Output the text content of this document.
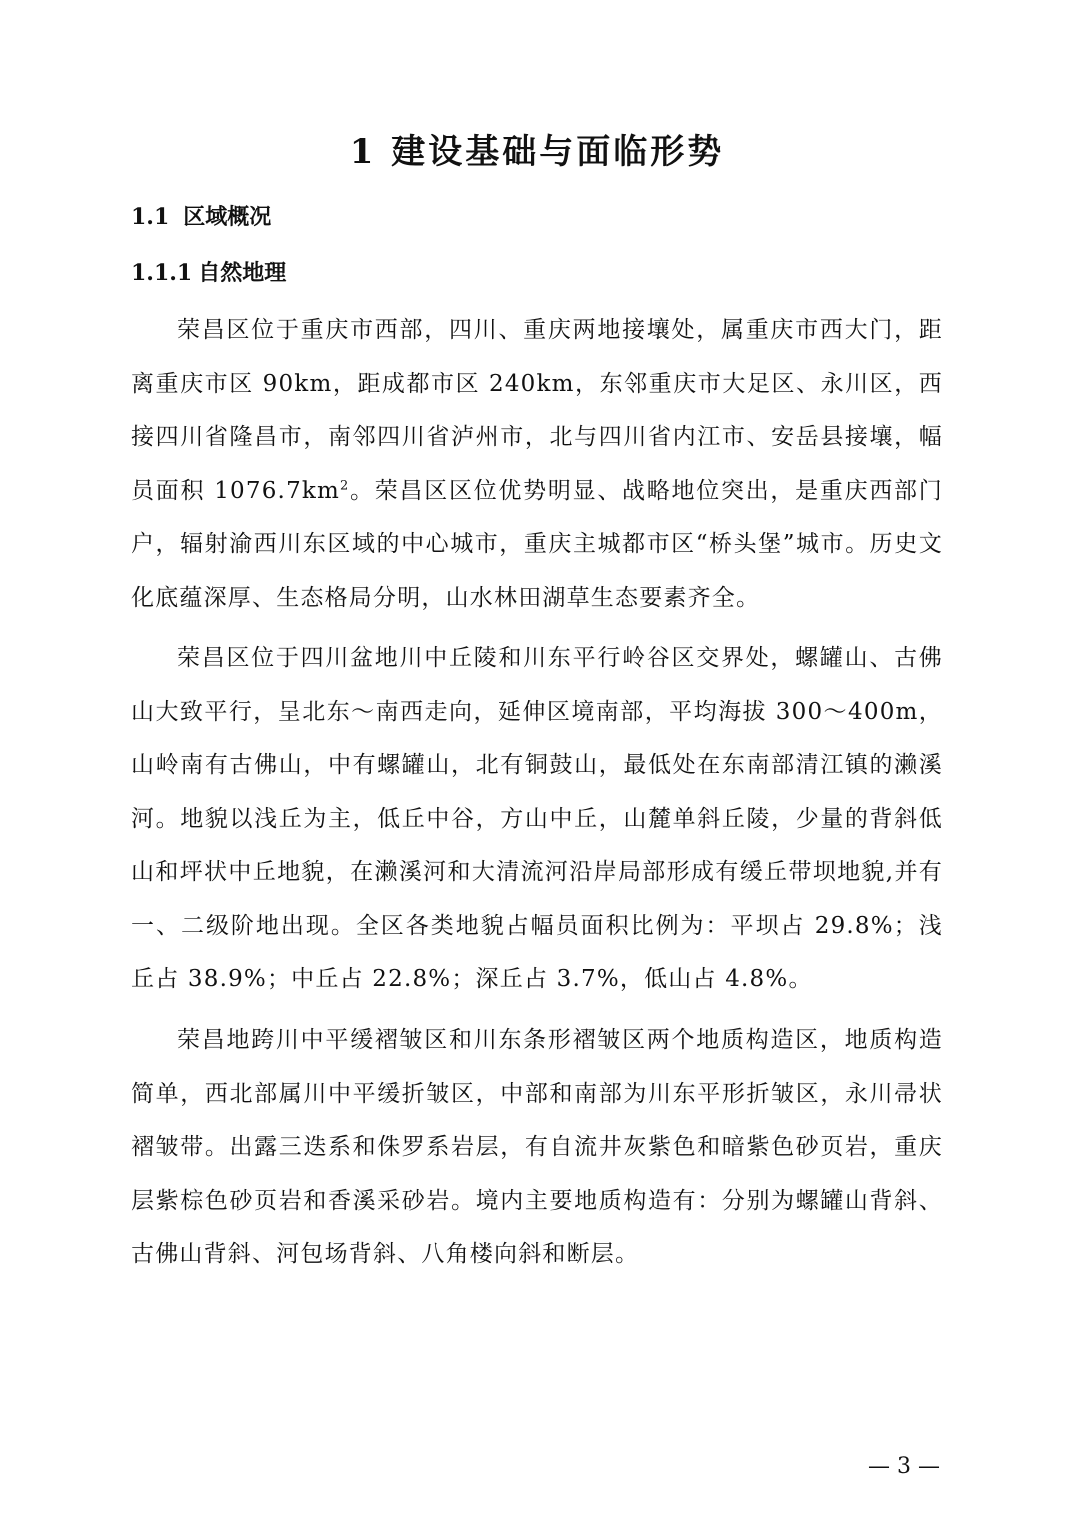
1 建设基础与面临形势
1.1 区域概况
1.1.1 自然地理

荣昌区位于重庆市西部，四川、重庆两地接壤处，属重庆市西大门，距离重庆市区 90km，距成都市区 240km，东邻重庆市大足区、永川区，西接四川省隆昌市，南邻四川省泸州市，北与四川省内江市、安岳县接壤，幅员面积 $1076.7km^2$。荣昌区区位优势明显、战略地位突出，是重庆西部门户，辐射渝西川东区域的中心城市，重庆主城都市区“桥头堡”城市。历史文化底蕴深厚、生态格局分明，山水林田湖草生态要素齐全。

荣昌区位于四川盆地川中丘陵和川东平行岭谷区交界处，螺罐山、古佛山大致平行，呈北东～南西走向，延伸区境南部，平均海拔 300～400m，山岭南有古佛山，中有螺罐山，北有铜鼓山，最低处在东南部清江镇的濑溪河。地貌以浅丘为主，低丘中谷，方山中丘，山麓单斜丘陵，少量的背斜低山和坪状中丘地貌，在濑溪河和大清流河沿岸局部形成有缓丘带坝地貌,并有一、二级阶地出现。全区各类地貌占幅员面积比例为：平坝占 29.8%；浅丘占 38.9%；中丘占 22.8%；深丘占 3.7%，低山占 4.8%。

荣昌地跨川中平缓褶皱区和川东条形褶皱区两个地质构造区，地质构造简单，西北部属川中平缓折皱区，中部和南部为川东平形折皱区，永川帚状褶皱带。出露三迭系和侏罗系岩层，有自流井灰紫色和暗紫色砂页岩，重庆层紫棕色砂页岩和香溪采砂岩。境内主要地质构造有：分别为螺罐山背斜、古佛山背斜、河包场背斜、八角楼向斜和断层。

— 3 —
